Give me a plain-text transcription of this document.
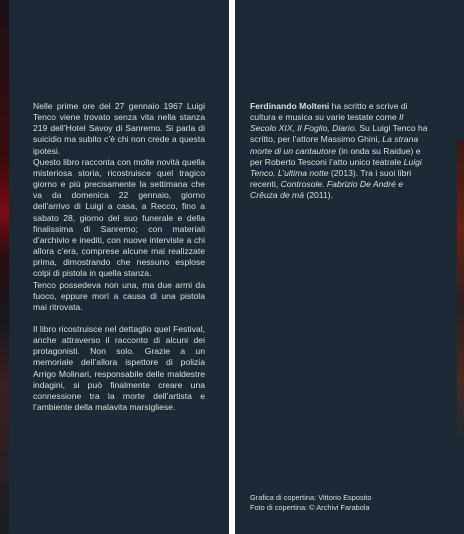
Nelle prime ore del 27 gennaio 1967 Luigi Tenco viene trovato senza vita nella stanza 219 dell’Hotel Savoy di Sanremo. Si parla di suicidio ma subito c’è chi non crede a questa ipotesi.

Questo libro racconta con molte novità quella misteriosa storia, ricostruisce quel tragico giorno e più precisamente la settimana che va da domenica 22 gennaio, giorno dell’arrivo di Luigi a casa, a Recco, fino a sabato 28, giorno del suo funerale e della finalissima di Sanremo; con materiali d’archivio e inediti, con nuove interviste a chi allora c’era, comprese alcune mai realizzate prima, dimostrando che nessuno esplose colpi di pistola in quella stanza.

Tenco possedeva non una, ma due armi da fuoco, eppure morì a causa di una pistola mai ritrovata.

Il libro ricostruisce nel dettaglio quel Festival, anche attraverso il racconto di alcuni dei protagonisti. Non solo. Grazie a un memoriale dell’allora ispettore di polizia Arrigo Molinari, responsabile delle maldestre indagini, si può finalmente creare una connessione tra la morte dell’artista e l’ambiente della malavita marsigliese.

Ferdinando Molteni ha scritto e scrive di cultura e musica su varie testate come Il Secolo XIX, Il Foglio, Diario. Su Luigi Tenco ha scritto, per l’attore Massimo Ghini, La strana morte di un cantautore (in onda su Raidue) e per Roberto Tesconi l’atto unico teatrale Luigi Tenco. L’ultima notte (2013). Tra i suoi libri recenti, Controsole. Fabrizio De André e Crêuza de mä (2011).

Grafica di copertina: Vittorio Esposito
Foto di copertina: © Archivi Farabola
